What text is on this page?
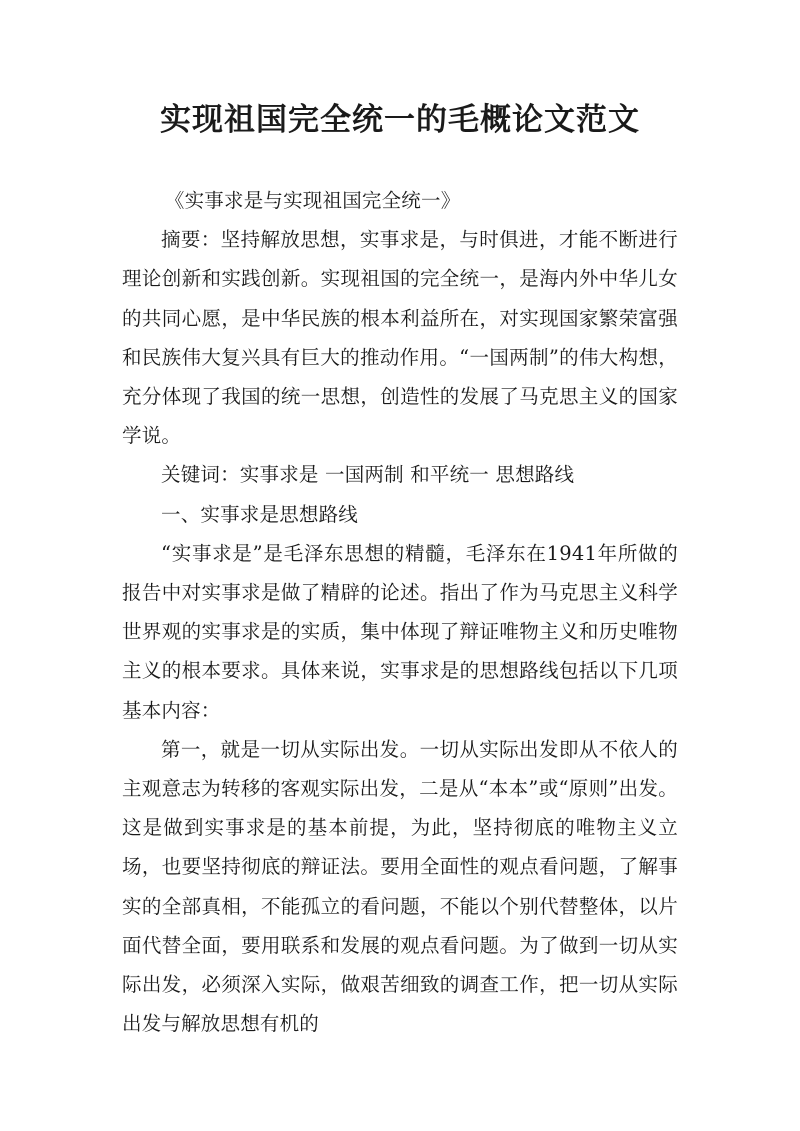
实现祖国完全统一的毛概论文范文

《实事求是与实现祖国完全统一》

摘要：坚持解放思想，实事求是，与时俱进，才能不断进行理论创新和实践创新。实现祖国的完全统一，是海内外中华儿女的共同心愿，是中华民族的根本利益所在，对实现国家繁荣富强和民族伟大复兴具有巨大的推动作用。“一国两制”的伟大构想，充分体现了我国的统一思想，创造性的发展了马克思主义的国家学说。

关键词：实事求是 一国两制 和平统一 思想路线

一、实事求是思想路线

“实事求是”是毛泽东思想的精髓，毛泽东在1941年所做的报告中对实事求是做了精辟的论述。指出了作为马克思主义科学世界观的实事求是的实质，集中体现了辩证唯物主义和历史唯物主义的根本要求。具体来说，实事求是的思想路线包括以下几项基本内容：

第一，就是一切从实际出发。一切从实际出发即从不依人的主观意志为转移的客观实际出发，二是从“本本”或“原则”出发。这是做到实事求是的基本前提，为此，坚持彻底的唯物主义立场，也要坚持彻底的辩证法。要用全面性的观点看问题，了解事实的全部真相，不能孤立的看问题，不能以个别代替整体，以片面代替全面，要用联系和发展的观点看问题。为了做到一切从实际出发，必须深入实际，做艰苦细致的调查工作，把一切从实际出发与解放思想有机的
